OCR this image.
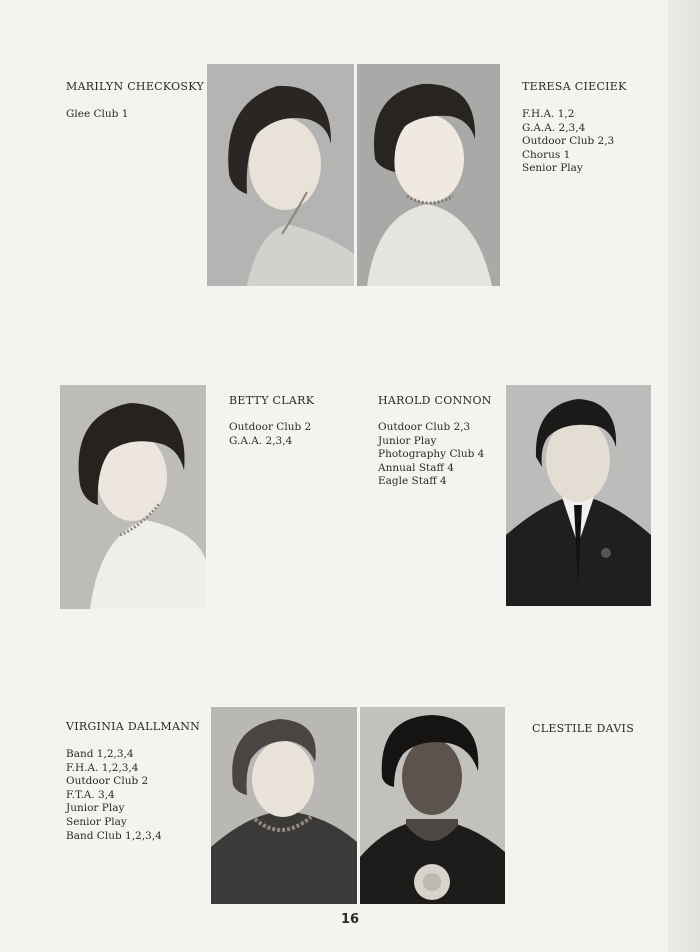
MARILYN CHECKOSKY
Glee Club 1
TERESA CIECIEK
F.H.A. 1,2
G.A.A. 2,3,4
Outdoor Club 2,3
Chorus 1
Senior Play
BETTY CLARK
Outdoor Club 2
G.A.A. 2,3,4
HAROLD CONNON
Outdoor Club 2,3
Junior Play
Photography Club 4
Annual Staff 4
Eagle Staff 4
VIRGINIA DALLMANN
Band 1,2,3,4
F.H.A. 1,2,3,4
Outdoor Club 2
F.T.A. 3,4
Junior Play
Senior Play
Band Club 1,2,3,4
CLESTILE DAVIS
16
